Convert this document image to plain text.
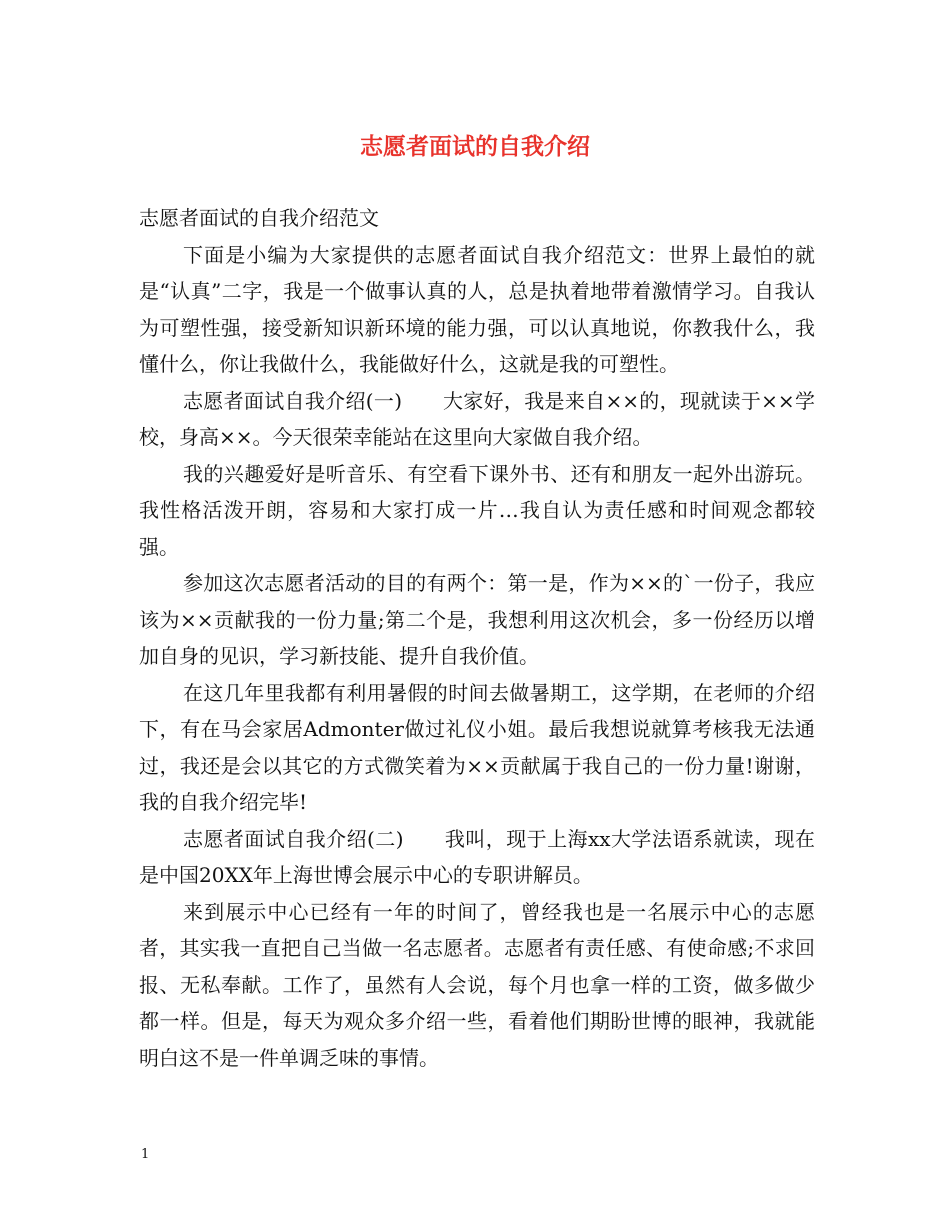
志愿者面试的自我介绍

志愿者面试的自我介绍范文

下面是小编为大家提供的志愿者面试自我介绍范文：世界上最怕的就是“认真”二字，我是一个做事认真的人，总是执着地带着激情学习。自我认为可塑性强，接受新知识新环境的能力强，可以认真地说，你教我什么，我懂什么，你让我做什么，我能做好什么，这就是我的可塑性。

志愿者面试自我介绍(一)　　大家好，我是来自××的，现就读于××学校，身高××。今天很荣幸能站在这里向大家做自我介绍。

我的兴趣爱好是听音乐、有空看下课外书、还有和朋友一起外出游玩。我性格活泼开朗，容易和大家打成一片…我自认为责任感和时间观念都较强。

参加这次志愿者活动的目的有两个：第一是，作为××的`一份子，我应该为××贡献我的一份力量;第二个是，我想利用这次机会，多一份经历以增加自身的见识，学习新技能、提升自我价值。

在这几年里我都有利用暑假的时间去做暑期工，这学期，在老师的介绍下，有在马会家居Admonter做过礼仪小姐。最后我想说就算考核我无法通过，我还是会以其它的方式微笑着为××贡献属于我自己的一份力量!谢谢，我的自我介绍完毕!

志愿者面试自我介绍(二)　　我叫，现于上海xx大学法语系就读，现在是中国20XX年上海世博会展示中心的专职讲解员。

来到展示中心已经有一年的时间了，曾经我也是一名展示中心的志愿者，其实我一直把自己当做一名志愿者。志愿者有责任感、有使命感;不求回报、无私奉献。工作了，虽然有人会说，每个月也拿一样的工资，做多做少都一样。但是，每天为观众多介绍一些，看着他们期盼世博的眼神，我就能明白这不是一件单调乏味的事情。

1
